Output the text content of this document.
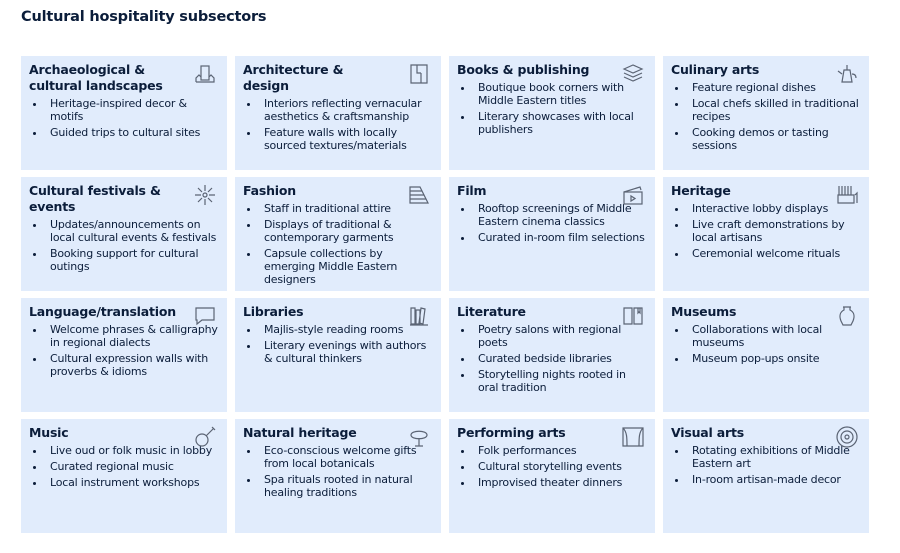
Cultural hospitality subsectors
Archaeological & cultural landscapes
• Heritage-inspired decor & motifs
• Guided trips to cultural sites
Architecture & design
• Interiors reflecting vernacular aesthetics & craftsmanship
• Feature walls with locally sourced textures/materials
Books & publishing
• Boutique book corners with Middle Eastern titles
• Literary showcases with local publishers
Culinary arts
• Feature regional dishes
• Local chefs skilled in traditional recipes
• Cooking demos or tasting sessions
Cultural festivals & events
• Updates/announcements on local cultural events & festivals
• Booking support for cultural outings
Fashion
• Staff in traditional attire
• Displays of traditional & contemporary garments
• Capsule collections by emerging Middle Eastern designers
Film
• Rooftop screenings of Middle Eastern cinema classics
• Curated in-room film selections
Heritage
• Interactive lobby displays
• Live craft demonstrations by local artisans
• Ceremonial welcome rituals
Language/translation
• Welcome phrases & calligraphy in regional dialects
• Cultural expression walls with proverbs & idioms
Libraries
• Majlis-style reading rooms
• Literary evenings with authors & cultural thinkers
Literature
• Poetry salons with regional poets
• Curated bedside libraries
• Storytelling nights rooted in oral tradition
Museums
• Collaborations with local museums
• Museum pop-ups onsite
Music
• Live oud or folk music in lobby
• Curated regional music
• Local instrument workshops
Natural heritage
• Eco-conscious welcome gifts from local botanicals
• Spa rituals rooted in natural healing traditions
Performing arts
• Folk performances
• Cultural storytelling events
• Improvised theater dinners
Visual arts
• Rotating exhibitions of Middle Eastern art
• In-room artisan-made decor
